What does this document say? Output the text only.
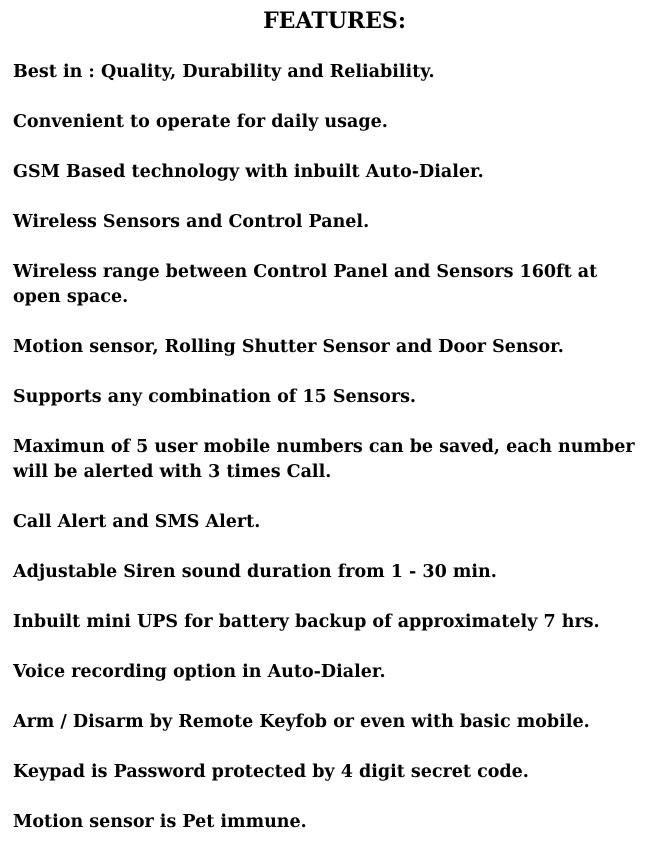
FEATURES:
Best in : Quality, Durability and Reliability.
Convenient to operate for daily usage.
GSM Based technology with inbuilt Auto-Dialer.
Wireless Sensors and Control Panel.
Wireless range between Control Panel and Sensors 160ft at open space.
Motion sensor, Rolling Shutter Sensor and Door Sensor.
Supports any combination of 15 Sensors.
Maximun of 5 user mobile numbers can be saved, each number will be alerted with 3 times Call.
Call Alert and SMS Alert.
Adjustable Siren sound duration from 1 - 30 min.
Inbuilt mini UPS for battery backup of approximately 7 hrs.
Voice recording option in Auto-Dialer.
Arm / Disarm by Remote Keyfob or even with basic mobile.
Keypad is Password protected by 4 digit secret code.
Motion sensor is Pet immune.
